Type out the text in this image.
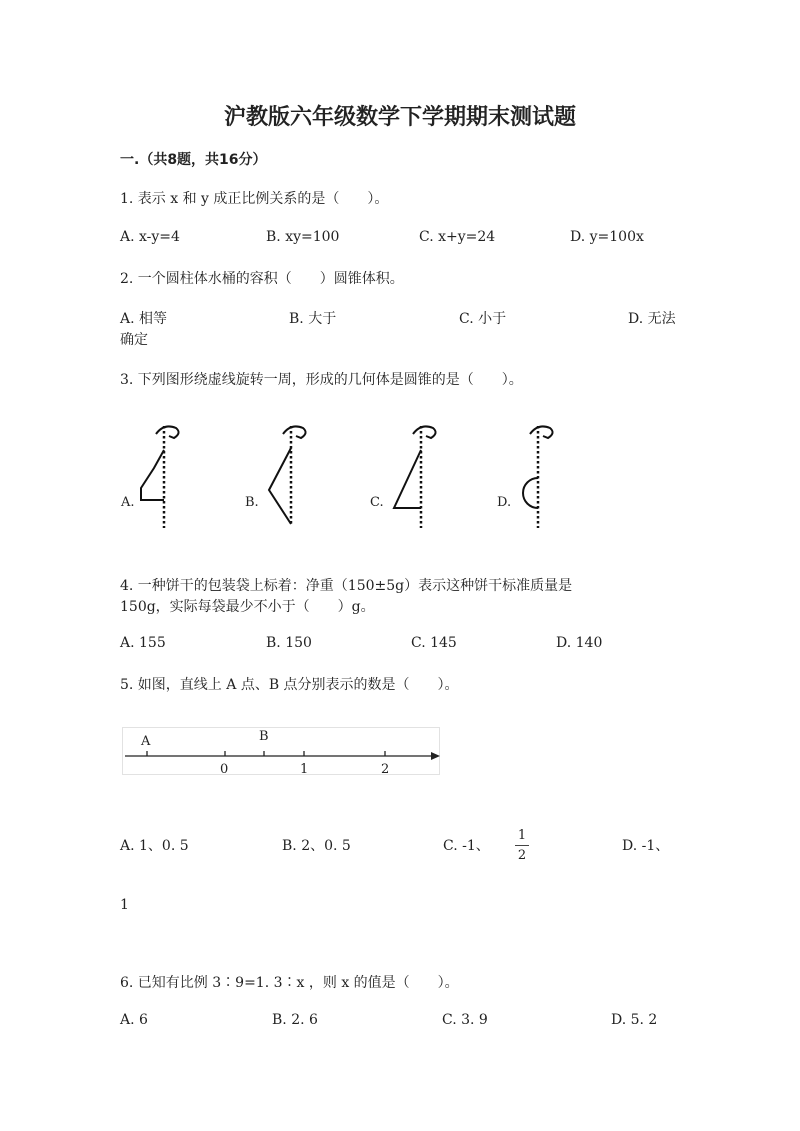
沪教版六年级数学下学期期末测试题
一.（共8题，共16分）
1. 表示 x 和 y 成正比例关系的是（　　）。
A. x-y=4	B. xy=100	C. x+y=24	D. y=100x
2. 一个圆柱体水桶的容积（　　）圆锥体积。
A. 相等	B. 大于	C. 小于	D. 无法
确定
3. 下列图形绕虚线旋转一周，形成的几何体是圆锥的是（　　）。
A.	B.	C.	D.
4. 一种饼干的包装袋上标着：净重（150±5g）表示这种饼干标准质量是
150g，实际每袋最少不小于（　　）g。
A. 155	B. 150	C. 145	D. 140
5. 如图，直线上 A 点、B 点分别表示的数是（　　）。
A	B
0	1	2
A. 1、0. 5	B. 2、0. 5	C. -1、
1
2
D. -1、
1
6. 已知有比例 3∶9=1. 3∶x ，则 x 的值是（　　）。
A. 6	B. 2. 6	C. 3. 9	D. 5. 2
